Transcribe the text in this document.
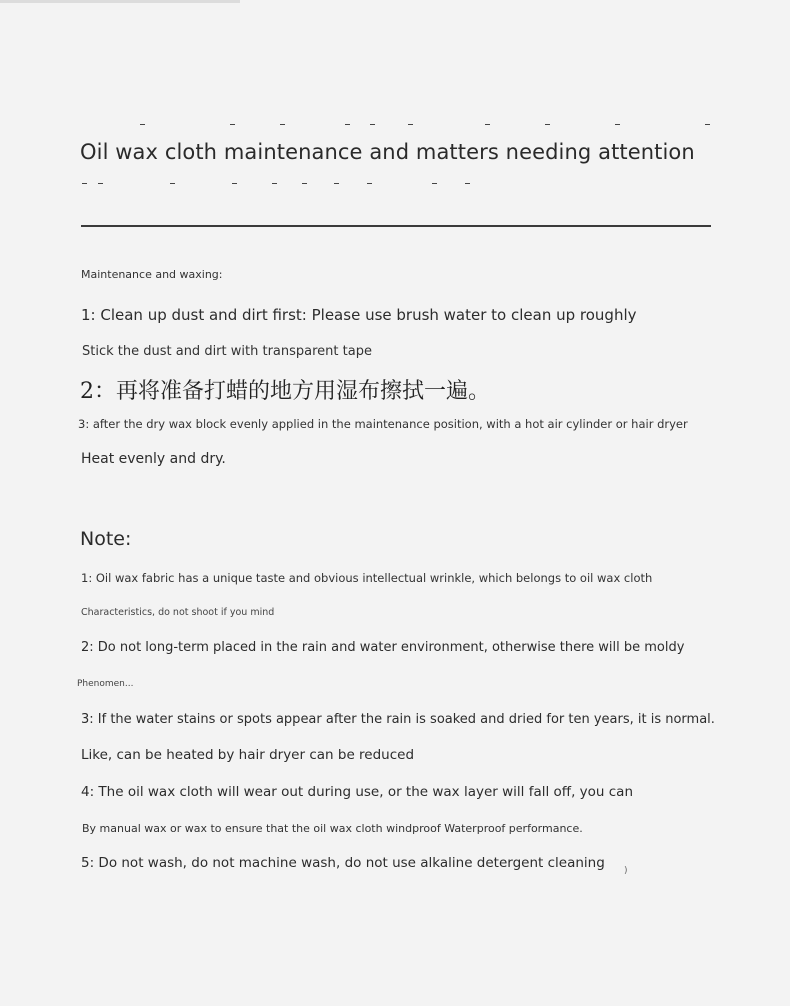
Oil wax cloth maintenance and matters needing attention
Maintenance and waxing:
1: Clean up dust and dirt first: Please use brush water to clean up roughly
Stick the dust and dirt with transparent tape
2：再将准备打蜡的地方用湿布擦拭一遍。
3: after the dry wax block evenly applied in the maintenance position, with a hot air cylinder or hair dryer
Heat evenly and dry.
Note:
1: Oil wax fabric has a unique taste and obvious intellectual wrinkle, which belongs to oil wax cloth
Characteristics, do not shoot if you mind
2: Do not long-term placed in the rain and water environment, otherwise there will be moldy
Phenomen...
3: If the water stains or spots appear after the rain is soaked and dried for ten years, it is normal.
Like, can be heated by hair dryer can be reduced
4: The oil wax cloth will wear out during use, or the wax layer will fall off, you can
By manual wax or wax to ensure that the oil wax cloth windproof Waterproof performance.
5: Do not wash, do not machine wash, do not use alkaline detergent cleaning )
